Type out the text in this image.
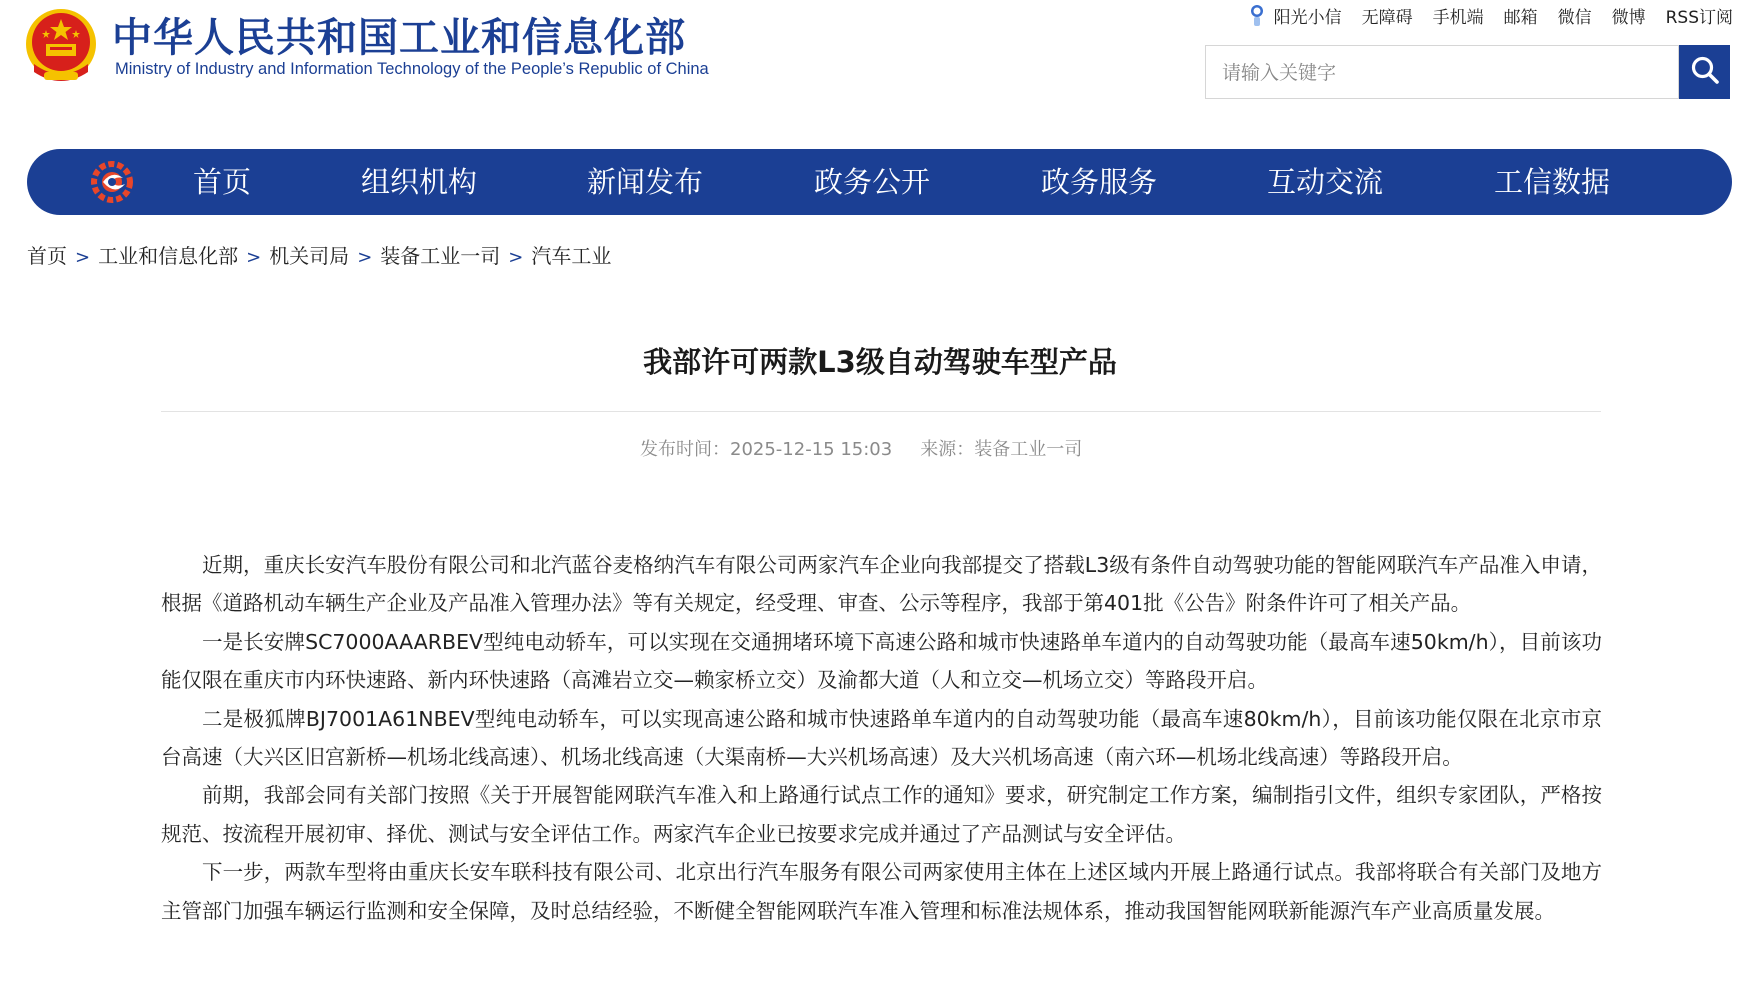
中华人民共和国工业和信息化部
Ministry of Industry and Information Technology of the People’s Republic of China
阳光小信 无障碍 手机端 邮箱 微信 微博 RSS订阅
请输入关键字
首页	组织机构	新闻发布	政务公开	政务服务	互动交流	工信数据
首页 > 工业和信息化部 > 机关司局 > 装备工业一司 > 汽车工业
我部许可两款L3级自动驾驶车型产品
发布时间：2025-12-15 15:03 来源：装备工业一司

近期，重庆长安汽车股份有限公司和北汽蓝谷麦格纳汽车有限公司两家汽车企业向我部提交了搭载L3级有条件自动驾驶功能的智能网联汽车产品准入申请，根据《道路机动车辆生产企业及产品准入管理办法》等有关规定，经受理、审查、公示等程序，我部于第401批《公告》附条件许可了相关产品。

一是长安牌SC7000AAARBEV型纯电动轿车，可以实现在交通拥堵环境下高速公路和城市快速路单车道内的自动驾驶功能（最高车速50km/h），目前该功能仅限在重庆市内环快速路、新内环快速路（高滩岩立交—赖家桥立交）及渝都大道（人和立交—机场立交）等路段开启。

二是极狐牌BJ7001A61NBEV型纯电动轿车，可以实现高速公路和城市快速路单车道内的自动驾驶功能（最高车速80km/h），目前该功能仅限在北京市京台高速（大兴区旧宫新桥—机场北线高速）、机场北线高速（大渠南桥—大兴机场高速）及大兴机场高速（南六环—机场北线高速）等路段开启。

前期，我部会同有关部门按照《关于开展智能网联汽车准入和上路通行试点工作的通知》要求，研究制定工作方案，编制指引文件，组织专家团队，严格按规范、按流程开展初审、择优、测试与安全评估工作。两家汽车企业已按要求完成并通过了产品测试与安全评估。

下一步，两款车型将由重庆长安车联科技有限公司、北京出行汽车服务有限公司两家使用主体在上述区域内开展上路通行试点。我部将联合有关部门及地方主管部门加强车辆运行监测和安全保障，及时总结经验，不断健全智能网联汽车准入管理和标准法规体系，推动我国智能网联新能源汽车产业高质量发展。
